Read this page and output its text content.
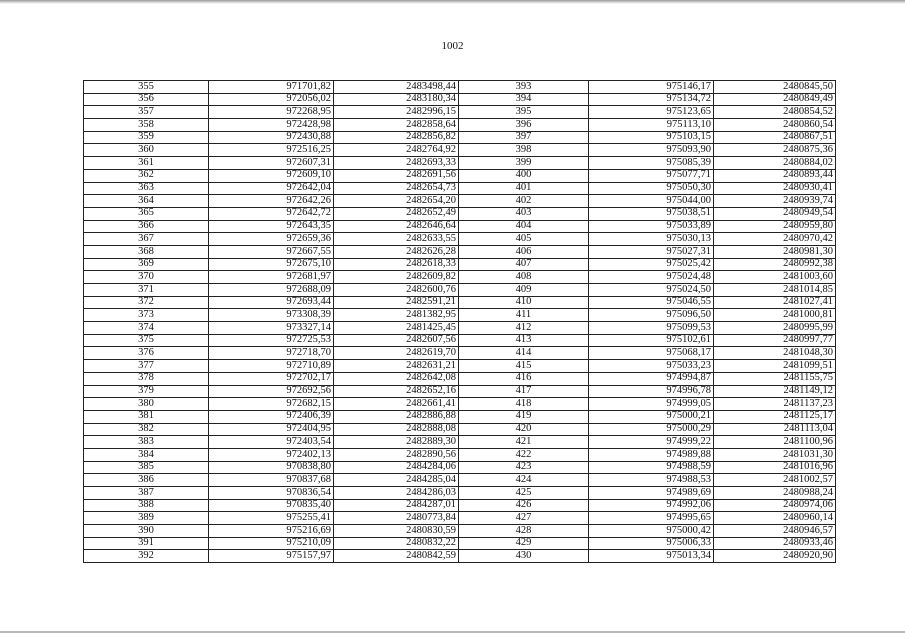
1002
355	971701,82	2483498,44	393	975146,17	2480845,50
356	972056,02	2483180,34	394	975134,72	2480849,49
357	972268,95	2482996,15	395	975123,65	2480854,52
358	972428,98	2482858,64	396	975113,10	2480860,54
359	972430,88	2482856,82	397	975103,15	2480867,51
360	972516,25	2482764,92	398	975093,90	2480875,36
361	972607,31	2482693,33	399	975085,39	2480884,02
362	972609,10	2482691,56	400	975077,71	2480893,44
363	972642,04	2482654,73	401	975050,30	2480930,41
364	972642,26	2482654,20	402	975044,00	2480939,74
365	972642,72	2482652,49	403	975038,51	2480949,54
366	972643,35	2482646,64	404	975033,89	2480959,80
367	972659,36	2482633,55	405	975030,13	2480970,42
368	972667,55	2482626,28	406	975027,31	2480981,30
369	972675,10	2482618,33	407	975025,42	2480992,38
370	972681,97	2482609,82	408	975024,48	2481003,60
371	972688,09	2482600,76	409	975024,50	2481014,85
372	972693,44	2482591,21	410	975046,55	2481027,41
373	973308,39	2481382,95	411	975096,50	2481000,81
374	973327,14	2481425,45	412	975099,53	2480995,99
375	972725,53	2482607,56	413	975102,61	2480997,77
376	972718,70	2482619,70	414	975068,17	2481048,30
377	972710,89	2482631,21	415	975033,23	2481099,51
378	972702,17	2482642,08	416	974994,87	2481155,75
379	972692,56	2482652,16	417	974996,78	2481149,12
380	972682,15	2482661,41	418	974999,05	2481137,23
381	972406,39	2482886,88	419	975000,21	2481125,17
382	972404,95	2482888,08	420	975000,29	2481113,04
383	972403,54	2482889,30	421	974999,22	2481100,96
384	972402,13	2482890,56	422	974989,88	2481031,30
385	970838,80	2484284,06	423	974988,59	2481016,96
386	970837,68	2484285,04	424	974988,53	2481002,57
387	970836,54	2484286,03	425	974989,69	2480988,24
388	970835,40	2484287,01	426	974992,06	2480974,06
389	975255,41	2480773,84	427	974995,65	2480960,14
390	975216,69	2480830,59	428	975000,42	2480946,57
391	975210,09	2480832,22	429	975006,33	2480933,46
392	975157,97	2480842,59	430	975013,34	2480920,90
